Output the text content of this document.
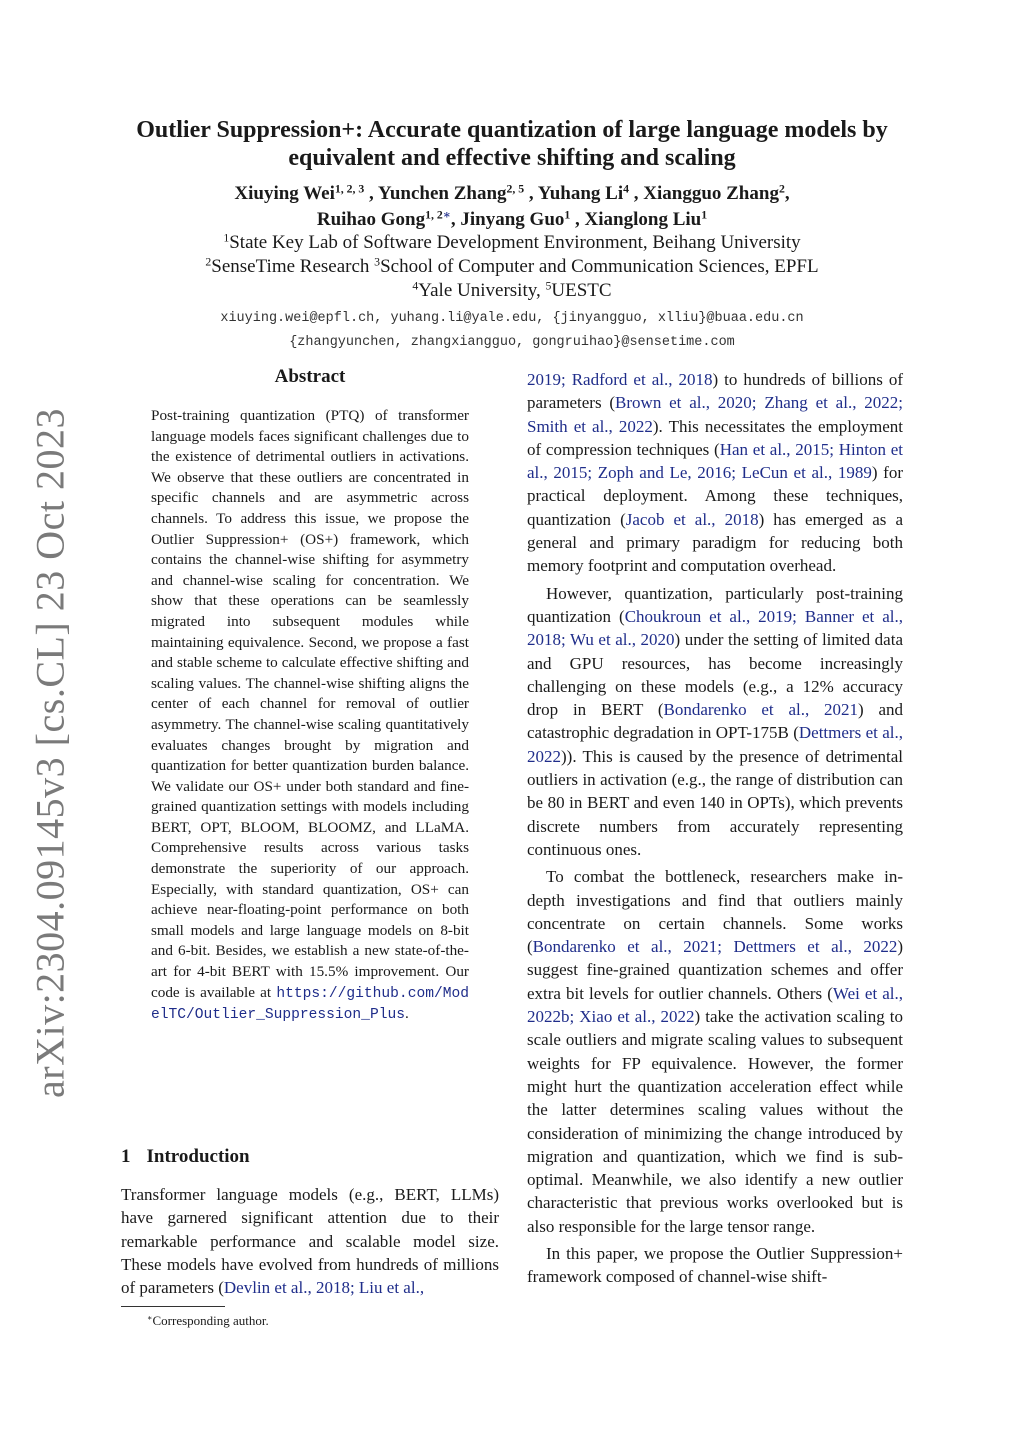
arXiv:2304.09145v3 [cs.CL] 23 Oct 2023
Outlier Suppression+: Accurate quantization of large language models by
equivalent and effective shifting and scaling
Xiuying Wei$^{1, 2, 3}$ , Yunchen Zhang$^{2, 5}$ , Yuhang Li$^4$ , Xiangguo Zhang$^2$,
Ruihao Gong$^{1, 2∗}$, Jinyang Guo$^1$ , Xianglong Liu$^1$
$^1$State Key Lab of Software Development Environment, Beihang University
$^2$SenseTime Research $^3$School of Computer and Communication Sciences, EPFL
$^4$Yale University, $^5$UESTC
xiuying.wei@epfl.ch, yuhang.li@yale.edu, {jinyangguo, xlliu}@buaa.edu.cn
{zhangyunchen, zhangxiangguo, gongruihao}@sensetime.com
Abstract
Post-training quantization (PTQ) of transformer language models faces significant challenges due to the existence of detrimental outliers in activations. We observe that these outliers are concentrated in specific channels and are asymmetric across channels. To address this issue, we propose the Outlier Suppression+ (OS+) framework, which contains the channel-wise shifting for asymmetry and channel-wise scaling for concentration. We show that these operations can be seamlessly migrated into subsequent modules while maintaining equivalence. Second, we propose a fast and stable scheme to calculate effective shifting and scaling values. The channel-wise shifting aligns the center of each channel for removal of outlier asymmetry. The channel-wise scaling quantitatively evaluates changes brought by migration and quantization for better quantization burden balance. We validate our OS+ under both standard and fine-grained quantization settings with models including BERT, OPT, BLOOM, BLOOMZ, and LLaMA. Comprehensive results across various tasks demonstrate the superiority of our approach. Especially, with standard quantization, OS+ can achieve near-floating-point performance on both small models and large language models on 8-bit and 6-bit. Besides, we establish a new state-of-the-art for 4-bit BERT with 15.5% improvement. Our code is available at https://github.com/ModelTC/Outlier_Suppression_Plus.
1 Introduction
Transformer language models (e.g., BERT, LLMs) have garnered significant attention due to their remarkable performance and scalable model size. These models have evolved from hundreds of millions of parameters (Devlin et al., 2018; Liu et al.,

2019; Radford et al., 2018) to hundreds of billions of parameters (Brown et al., 2020; Zhang et al., 2022; Smith et al., 2022). This necessitates the employment of compression techniques (Han et al., 2015; Hinton et al., 2015; Zoph and Le, 2016; LeCun et al., 1989) for practical deployment. Among these techniques, quantization (Jacob et al., 2018) has emerged as a general and primary paradigm for reducing both memory footprint and computation overhead.

However, quantization, particularly post-training quantization (Choukroun et al., 2019; Banner et al., 2018; Wu et al., 2020) under the setting of limited data and GPU resources, has become increasingly challenging on these models (e.g., a 12% accuracy drop in BERT (Bondarenko et al., 2021) and catastrophic degradation in OPT-175B (Dettmers et al., 2022)). This is caused by the presence of detrimental outliers in activation (e.g., the range of distribution can be 80 in BERT and even 140 in OPTs), which prevents discrete numbers from accurately representing continuous ones.

To combat the bottleneck, researchers make in-depth investigations and find that outliers mainly concentrate on certain channels. Some works (Bondarenko et al., 2021; Dettmers et al., 2022) suggest fine-grained quantization schemes and offer extra bit levels for outlier channels. Others (Wei et al., 2022b; Xiao et al., 2022) take the activation scaling to scale outliers and migrate scaling values to subsequent weights for FP equivalence. However, the former might hurt the quantization acceleration effect while the latter determines scaling values without the consideration of minimizing the change introduced by migration and quantization, which we find is sub-optimal. Meanwhile, we also identify a new outlier characteristic that previous works overlooked but is also responsible for the large tensor range.

In this paper, we propose the Outlier Suppression+ framework composed of channel-wise shift-

∗Corresponding author.
